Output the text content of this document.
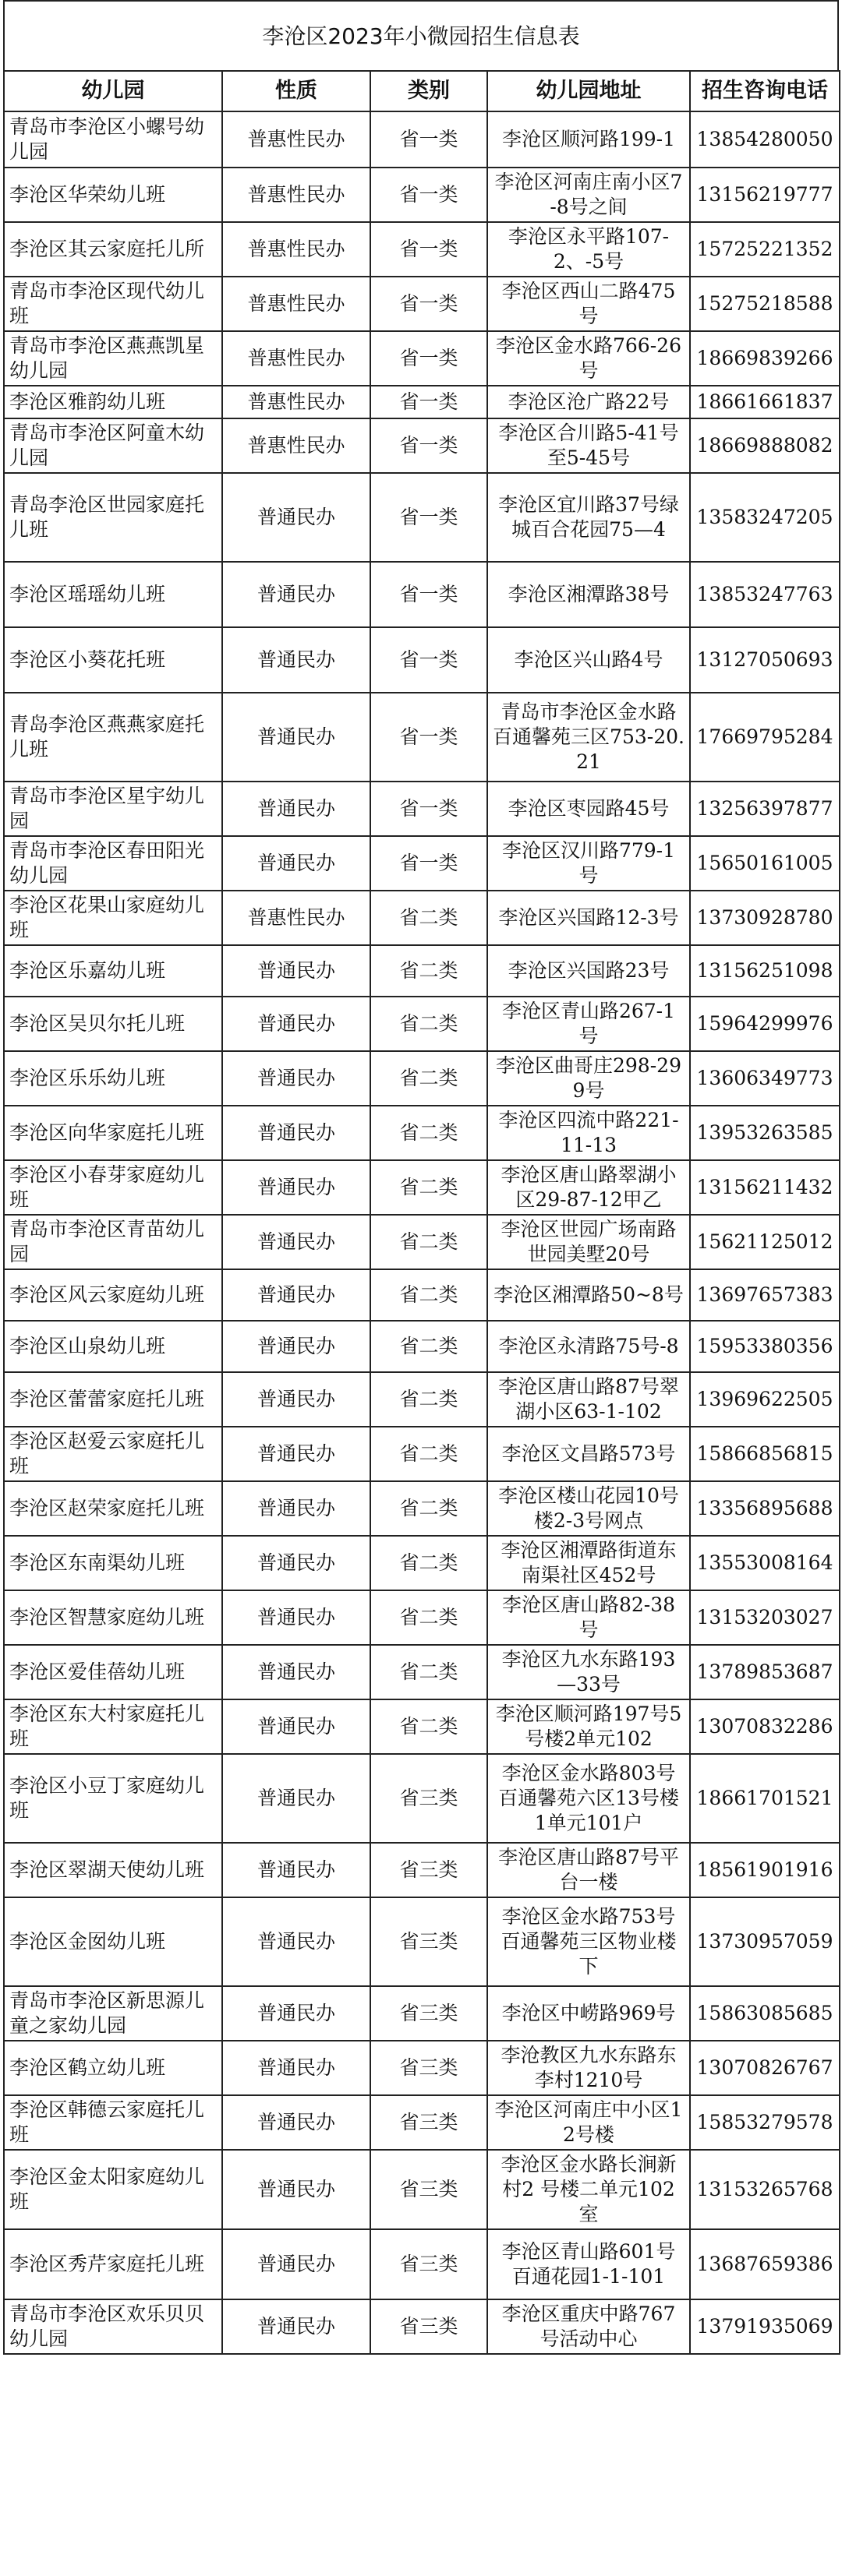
李沧区2023年小微园招生信息表
幼儿园	性质	类别	幼儿园地址	招生咨询电话
青岛市李沧区小螺号幼儿园	普惠性民办	省一类	李沧区顺河路199-1	13854280050
李沧区华荣幼儿班	普惠性民办	省一类	李沧区河南庄南小区7-8号之间	13156219777
李沧区其云家庭托儿所	普惠性民办	省一类	李沧区永平路107-2、-5号	15725221352
青岛市李沧区现代幼儿班	普惠性民办	省一类	李沧区西山二路475号	15275218588
青岛市李沧区燕燕凯星幼儿园	普惠性民办	省一类	李沧区金水路766-26号	18669839266
李沧区雅韵幼儿班	普惠性民办	省一类	李沧区沧广路22号	18661661837
青岛市李沧区阿童木幼儿园	普惠性民办	省一类	李沧区合川路5-41号至5-45号	18669888082
青岛李沧区世园家庭托儿班	普通民办	省一类	李沧区宜川路37号绿城百合花园75—4	13583247205
李沧区瑶瑶幼儿班	普通民办	省一类	李沧区湘潭路38号	13853247763
李沧区小葵花托班	普通民办	省一类	李沧区兴山路4号	13127050693
青岛李沧区燕燕家庭托儿班	普通民办	省一类	青岛市李沧区金水路百通馨苑三区753-20.21	17669795284
青岛市李沧区星宇幼儿园	普通民办	省一类	李沧区枣园路45号	13256397877
青岛市李沧区春田阳光幼儿园	普通民办	省一类	李沧区汉川路779-1号	15650161005
李沧区花果山家庭幼儿班	普惠性民办	省二类	李沧区兴国路12-3号	13730928780
李沧区乐嘉幼儿班	普通民办	省二类	李沧区兴国路23号	13156251098
李沧区吴贝尔托儿班	普通民办	省二类	李沧区青山路267-1号	15964299976
李沧区乐乐幼儿班	普通民办	省二类	李沧区曲哥庄298-299号	13606349773
李沧区向华家庭托儿班	普通民办	省二类	李沧区四流中路221-11-13	13953263585
李沧区小春芽家庭幼儿班	普通民办	省二类	李沧区唐山路翠湖小区29-87-12甲乙	13156211432
青岛市李沧区青苗幼儿园	普通民办	省二类	李沧区世园广场南路世园美墅20号	15621125012
李沧区风云家庭幼儿班	普通民办	省二类	李沧区湘潭路50~8号	13697657383
李沧区山泉幼儿班	普通民办	省二类	李沧区永清路75号-8	15953380356
李沧区蕾蕾家庭托儿班	普通民办	省二类	李沧区唐山路87号翠湖小区63-1-102	13969622505
李沧区赵爱云家庭托儿班	普通民办	省二类	李沧区文昌路573号	15866856815
李沧区赵荣家庭托儿班	普通民办	省二类	李沧区楼山花园10号楼2-3号网点	13356895688
李沧区东南渠幼儿班	普通民办	省二类	李沧区湘潭路街道东南渠社区452号	13553008164
李沧区智慧家庭幼儿班	普通民办	省二类	李沧区唐山路82-38号	13153203027
李沧区爱佳蓓幼儿班	普通民办	省二类	李沧区九水东路193—33号	13789853687
李沧区东大村家庭托儿班	普通民办	省二类	李沧区顺河路197号5号楼2单元102	13070832286
李沧区小豆丁家庭幼儿班	普通民办	省三类	李沧区金水路803号百通馨苑六区13号楼1单元101户	18661701521
李沧区翠湖天使幼儿班	普通民办	省三类	李沧区唐山路87号平台一楼	18561901916
李沧区金囡幼儿班	普通民办	省三类	李沧区金水路753号 百通馨苑三区物业楼下	13730957059
青岛市李沧区新思源儿童之家幼儿园	普通民办	省三类	李沧区中崂路969号	15863085685
李沧区鹤立幼儿班	普通民办	省三类	李沧教区九水东路东李村1210号	13070826767
李沧区韩德云家庭托儿班	普通民办	省三类	李沧区河南庄中小区12号楼	15853279578
李沧区金太阳家庭幼儿班	普通民办	省三类	李沧区金水路长涧新村2 号楼二单元102室	13153265768
李沧区秀芹家庭托儿班	普通民办	省三类	李沧区青山路601号百通花园1-1-101	13687659386
青岛市李沧区欢乐贝贝幼儿园	普通民办	省三类	李沧区重庆中路767号活动中心	13791935069
